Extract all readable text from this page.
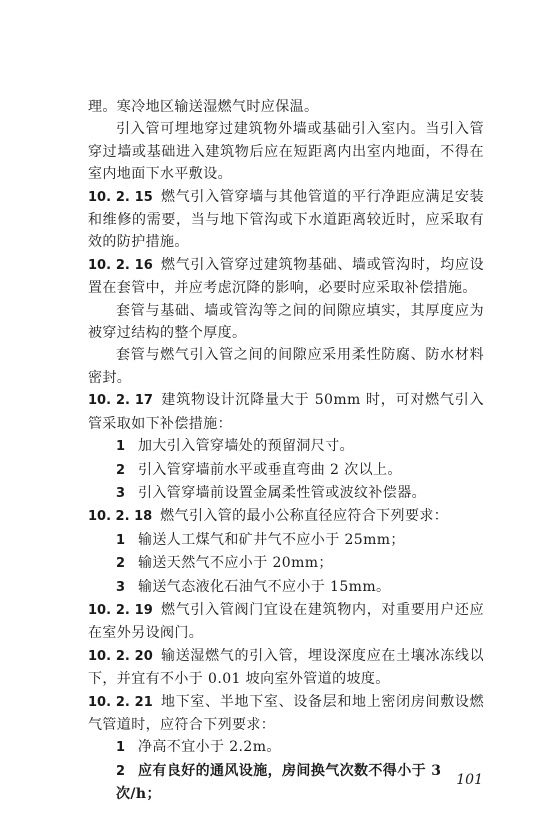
理。寒冷地区输送湿燃气时应保温。

引入管可埋地穿过建筑物外墙或基础引入室内。当引入管穿过墙或基础进入建筑物后应在短距离内出室内地面，不得在室内地面下水平敷设。

10. 2. 15 燃气引入管穿墙与其他管道的平行净距应满足安装和维修的需要，当与地下管沟或下水道距离较近时，应采取有效的防护措施。

10. 2. 16 燃气引入管穿过建筑物基础、墙或管沟时，均应设置在套管中，并应考虑沉降的影响，必要时应采取补偿措施。

套管与基础、墙或管沟等之间的间隙应填实，其厚度应为被穿过结构的整个厚度。

套管与燃气引入管之间的间隙应采用柔性防腐、防水材料密封。

10. 2. 17 建筑物设计沉降量大于 50mm 时，可对燃气引入管采取如下补偿措施：

1 加大引入管穿墙处的预留洞尺寸。

2 引入管穿墙前水平或垂直弯曲 2 次以上。

3 引入管穿墙前设置金属柔性管或波纹补偿器。

10. 2. 18 燃气引入管的最小公称直径应符合下列要求：

1 输送人工煤气和矿井气不应小于 25mm；

2 输送天然气不应小于 20mm；

3 输送气态液化石油气不应小于 15mm。

10. 2. 19 燃气引入管阀门宜设在建筑物内，对重要用户还应在室外另设阀门。

10. 2. 20 输送湿燃气的引入管，埋设深度应在土壤冰冻线以下，并宜有不小于 0.01 坡向室外管道的坡度。

10. 2. 21 地下室、半地下室、设备层和地上密闭房间敷设燃气管道时，应符合下列要求：

1 净高不宜小于 2.2m。

2 应有良好的通风设施，房间换气次数不得小于 3 次/h；

101
